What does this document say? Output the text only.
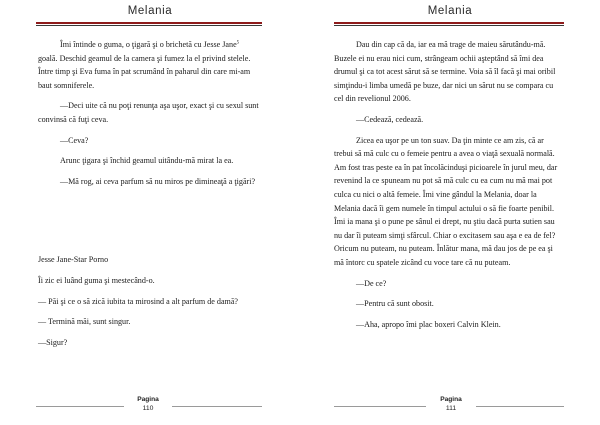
Melania

Îmi întinde o guma, o ţigară şi o brichetă cu Jesse Jane$^5$
goală. Deschid geamul de la camera şi fumez la el privind stelele. Între timp şi Eva fuma în pat scrumând în paharul din care mi-am baut somniferele.

—Deci uite că nu poţi renunţa aşa uşor, exact şi cu sexul sunt convinsă că fuţi ceva.

—Ceva?

Arunc ţigara şi închid geamul uitându-mă mirat la ea.

—Mă rog, ai ceva parfum să nu miros pe dimineaţă a ţigări?

Jesse Jane-Star Porno

Îi zic ei luând guma şi mestecând-o.

— Păi şi ce o să zică iubita ta mirosind a alt parfum de damă?

— Termină măi, sunt singur.

—Sigur?

Pagina
110
Melania

Dau din cap că da, iar ea mă trage de maieu sărutându-mă. Buzele ei nu erau nici cum, strângeam ochii aşteptând să îmi dea drumul şi ca tot acest sărut să se termine. Voia să îl facă şi mai oribil simţindu-i limba umedă pe buze, dar nici un sărut nu se compara cu cel din revelionul 2006.

—Cedează, cedează.

Zicea ea uşor pe un ton suav. Da ţin minte ce am zis, că ar trebui să mă culc cu o femeie pentru a avea o viaţă sexuală normală. Am fost tras peste ea în pat încolăcinduşi picioarele în jurul meu, dar revenind la ce spuneam nu pot să mă culc cu ea cum nu mă mai pot culca cu nici o altă femeie. Îmi vine gândul la Melania, doar la Melania dacă îi gem numele în timpul actului o să fie foarte penibil. Îmi ia mana şi o pune pe sânul ei drept, nu ştiu dacă purta sutien sau nu dar îi puteam simţi sfârcul. Chiar o excitasem sau aşa e ea de fel? Oricum nu puteam, nu puteam. Înlătur mana, mă dau jos de pe ea şi mă întorc cu spatele zicând cu voce tare că nu puteam.

—De ce?

—Pentru că sunt obosit.

—Aha, apropo îmi plac boxeri Calvin Klein.

Pagina
111
